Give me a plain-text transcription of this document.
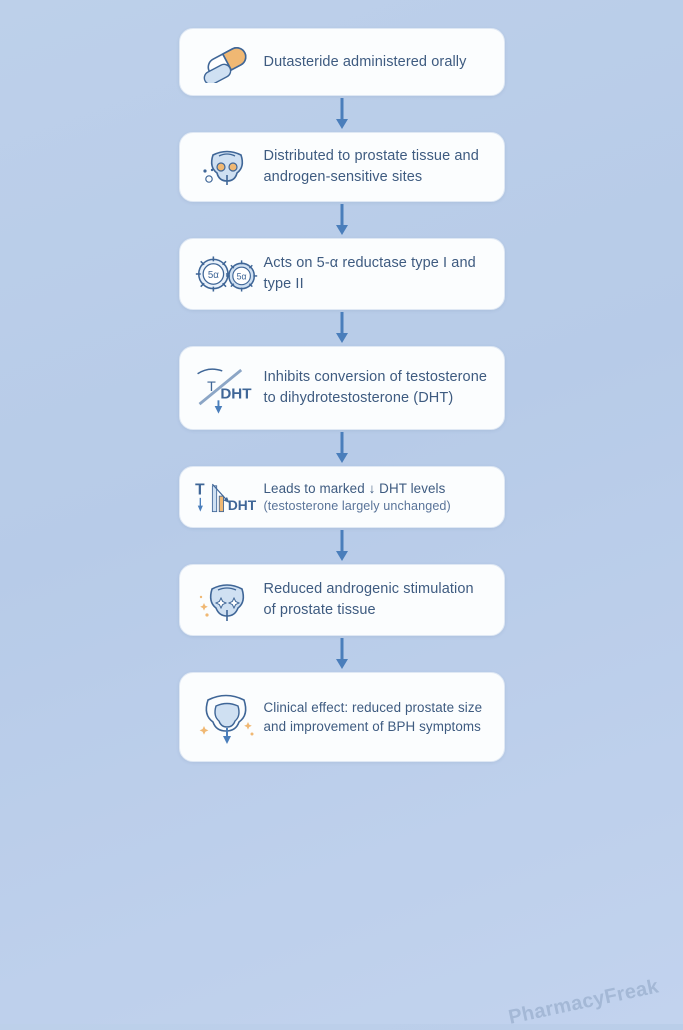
Dutasteride administered orally
Distributed to prostate tissue and androgen-sensitive sites
5α 5α
Acts on 5-α reductase type I and type II
T DHT
Inhibits conversion of testosterone to dihydrotestosterone (DHT)
T
DHT
Leads to marked ↓ DHT levels
(testosterone largely unchanged)
Reduced androgenic stimulation of prostate tissue
Clinical effect: reduced prostate size and improvement of BPH symptoms
PharmacyFreak
